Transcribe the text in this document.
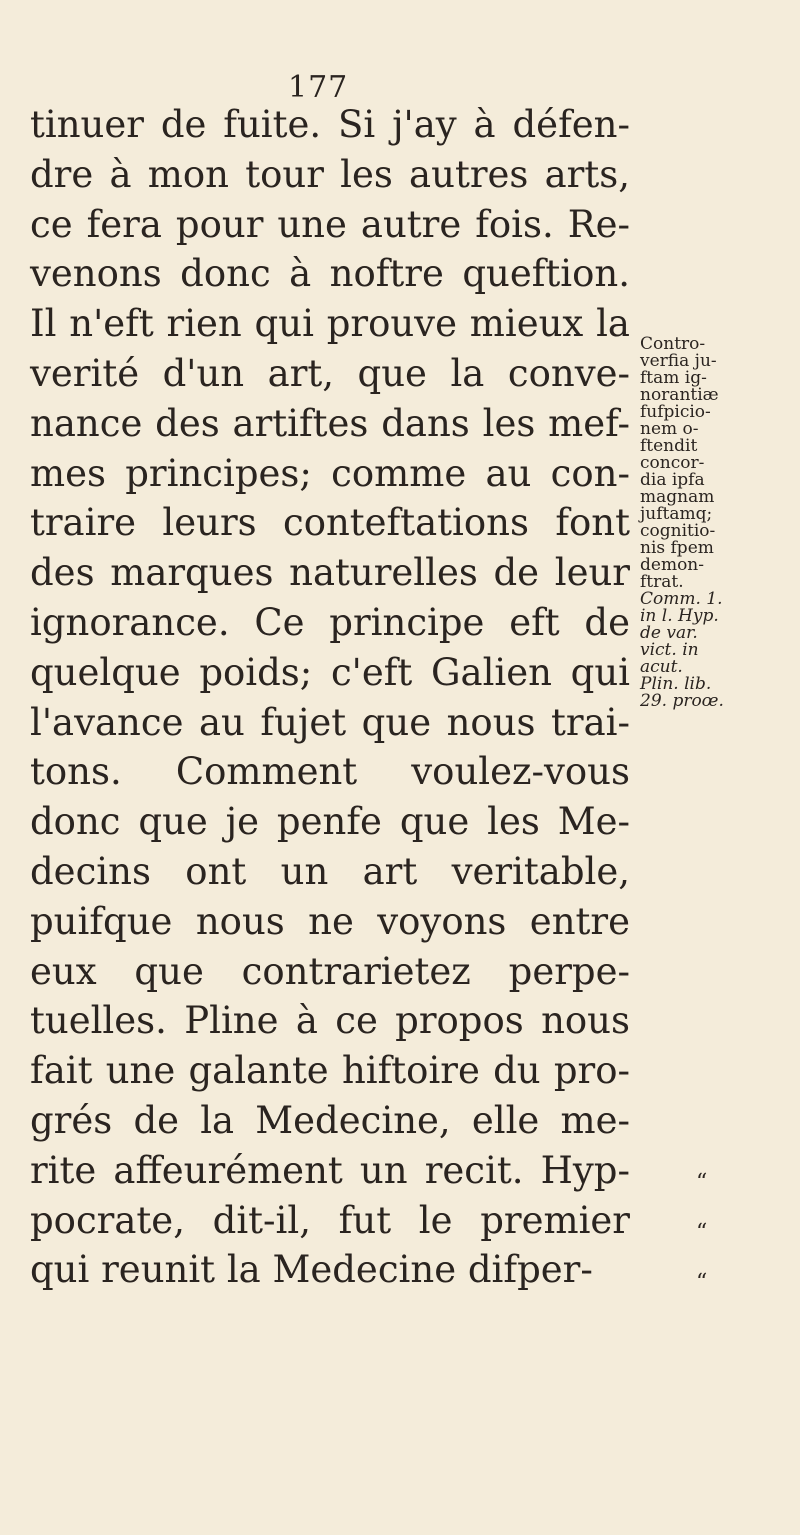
177
tinuer de fuite. Si j'ay à défen-
dre à mon tour les autres arts,
ce fera pour une autre fois. Re-
venons donc à noftre queftion.
Il n'eft rien qui prouve mieux la
verité d'un art, que la conve-
nance des artiftes dans les mef-
mes principes; comme au con-
traire leurs conteftations font
des marques naturelles de leur
ignorance. Ce principe eft de
quelque poids; c'eft Galien qui
l'avance au fujet que nous trai-
tons. Comment voulez-vous
donc que je penfe que les Me-
decins ont un art veritable,
puifque nous ne voyons entre
eux que contrarietez perpe-
tuelles. Pline à ce propos nous
fait une galante hiftoire du pro-
grés de la Medecine, elle me-
rite affeurément un recit. Hyp-
pocrate, dit-il, fut le premier
qui reunit la Medecine difper-
Contro-
verfia ju-
ftam ig-
norantiæ
fufpicio-
nem o-
ftendit
concor-
dia ipfa
magnam
juftamq;
cognitio-
nis fpem
demon-
ftrat.
Comm. 1.
in l. Hyp.
de var.
vict. in
acut.
Plin. lib.
29. proœ.
“
“
“
